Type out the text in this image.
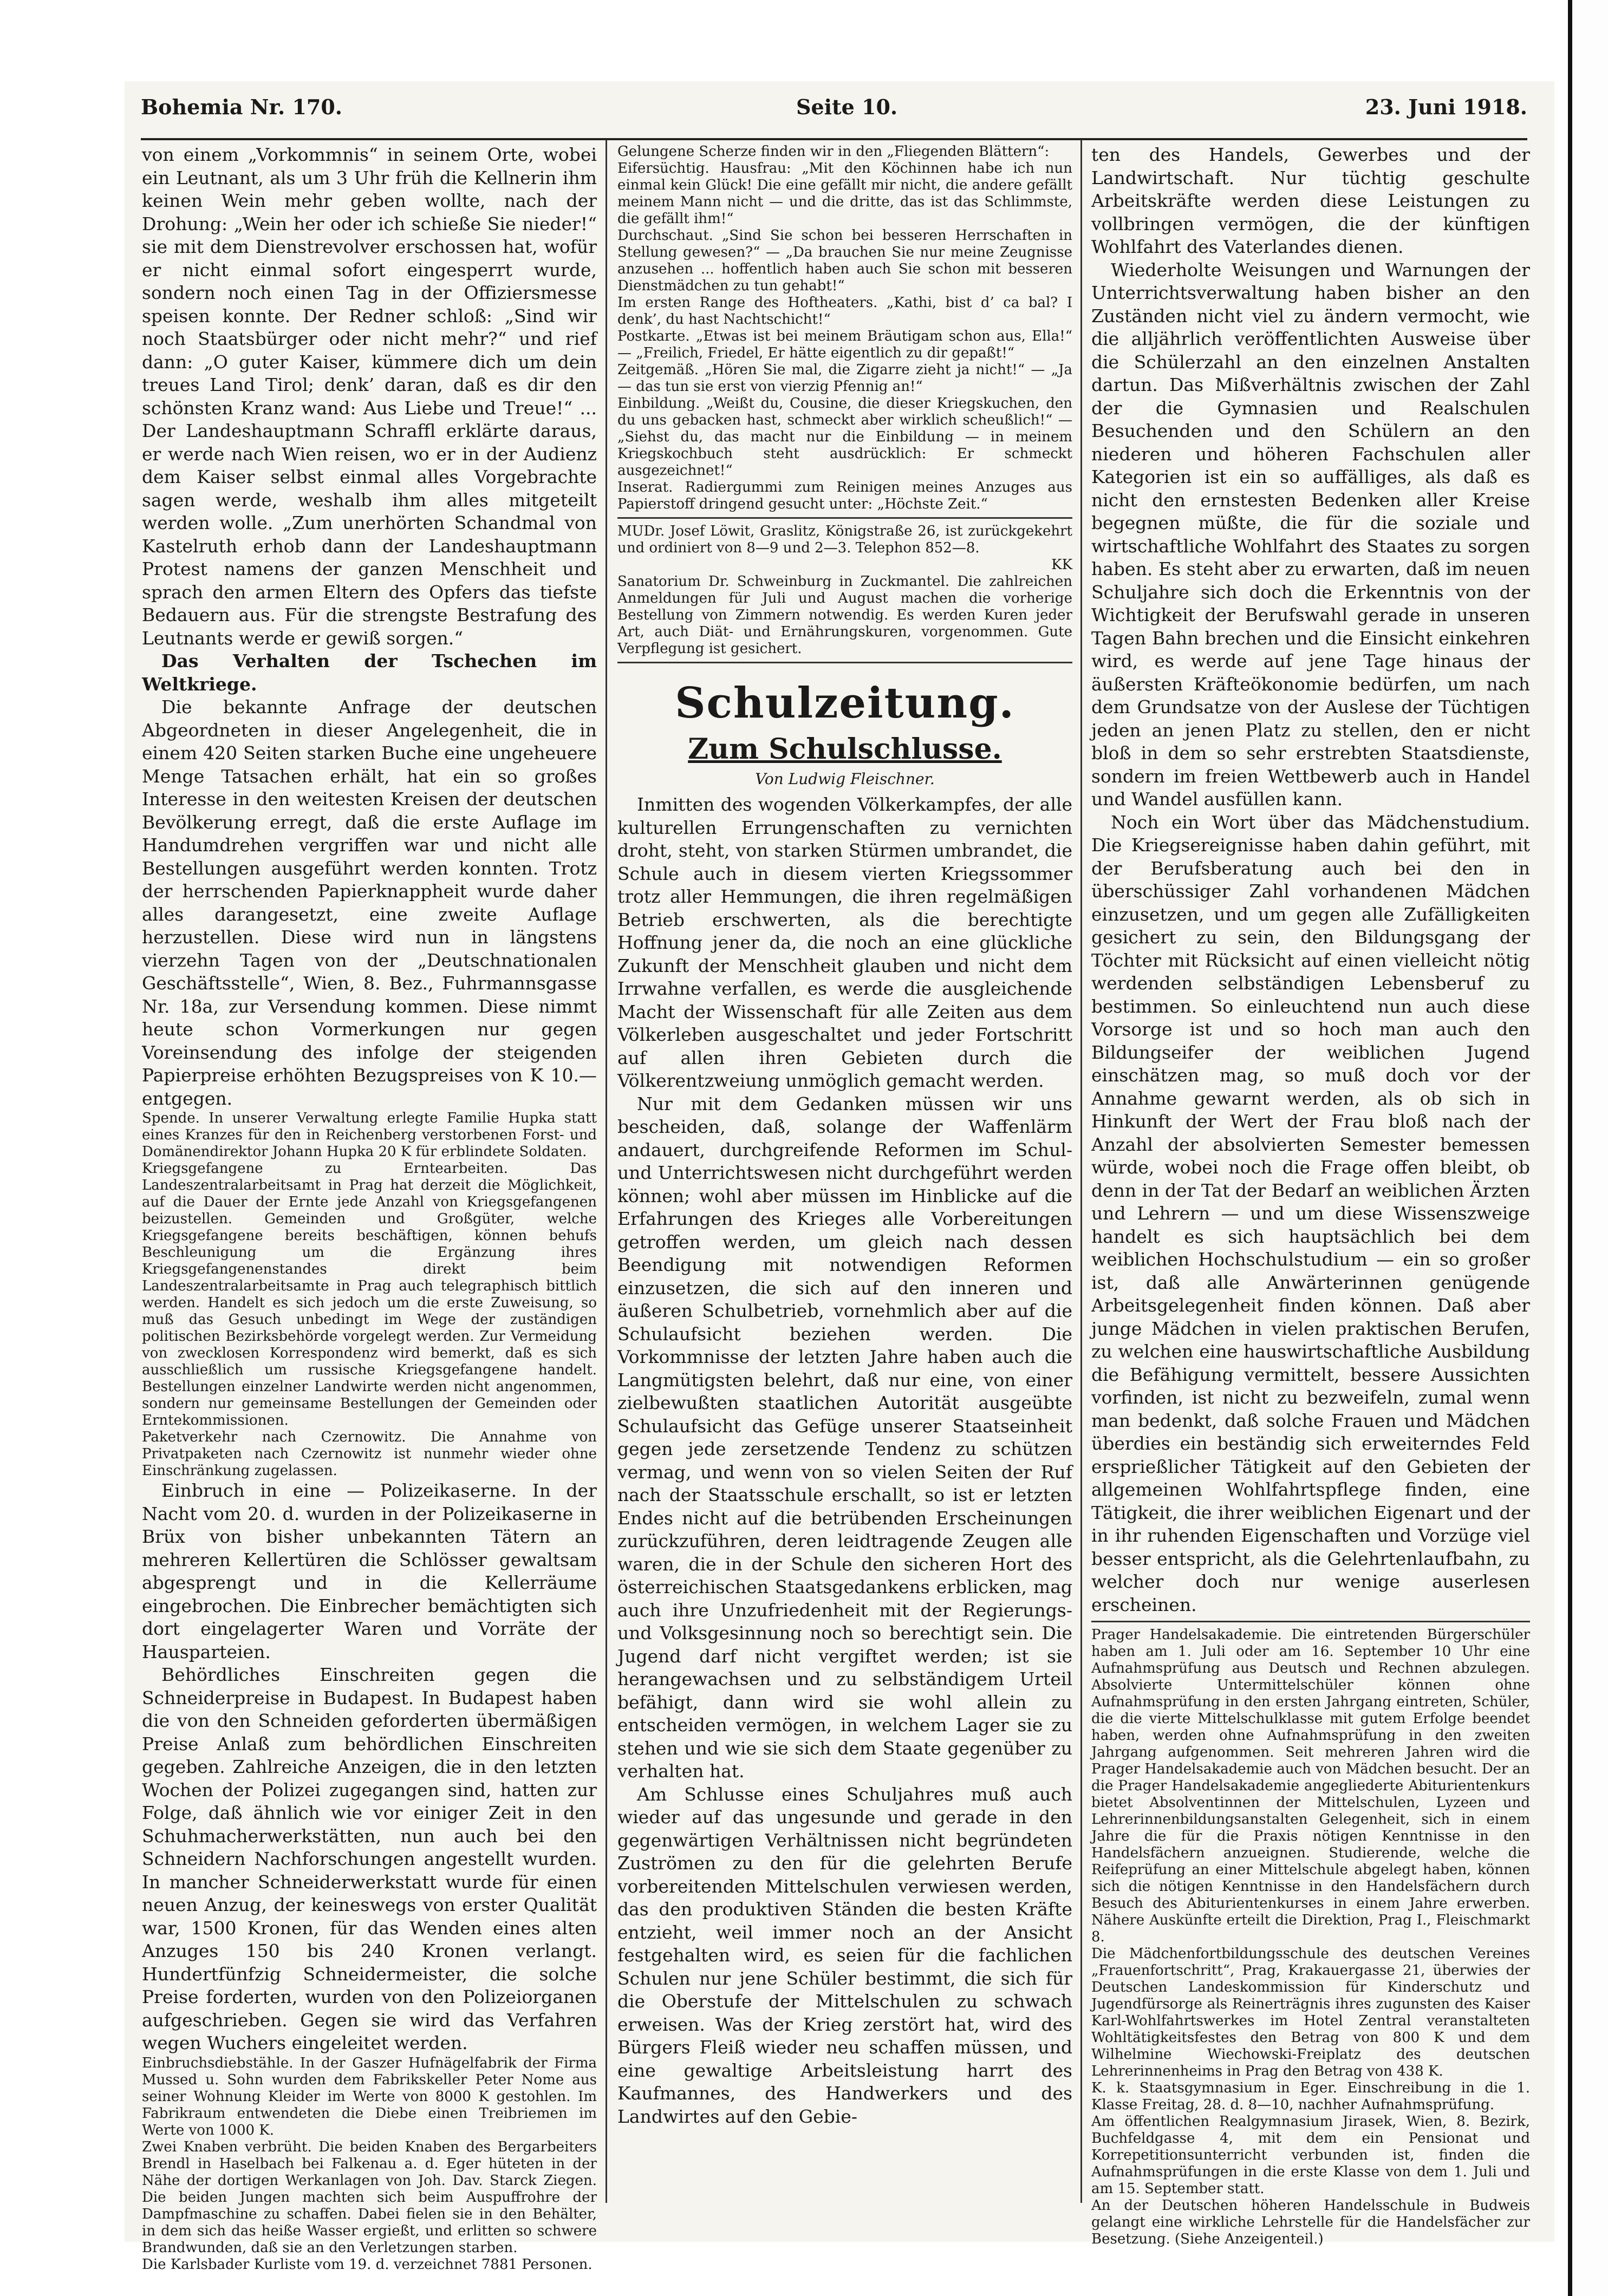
Bohemia Nr. 170.	Seite 10.	23. Juni 1918.

von einem „Vorkommnis“ in seinem Orte, wobei ein Leutnant, als um 3 Uhr früh die Kellnerin ihm keinen Wein mehr geben wollte, nach der Drohung: „Wein her oder ich schieße Sie nieder!“ sie mit dem Dienstrevolver erschossen hat, wofür er nicht einmal sofort eingesperrt wurde, sondern noch einen Tag in der Offiziersmesse speisen konnte. Der Redner schloß: „Sind wir noch Staatsbürger oder nicht mehr?“ und rief dann: „O guter Kaiser, kümmere dich um dein treues Land Tirol; denk’ daran, daß es dir den schönsten Kranz wand: Aus Liebe und Treue!“ ... Der Landeshauptmann Schraffl erklärte daraus, er werde nach Wien reisen, wo er in der Audienz dem Kaiser selbst einmal alles Vorgebrachte sagen werde, weshalb ihm alles mitgeteilt werden wolle. „Zum unerhörten Schandmal von Kastelruth erhob dann der Landeshauptmann Protest namens der ganzen Menschheit und sprach den armen Eltern des Opfers das tiefste Bedauern aus. Für die strengste Bestrafung des Leutnants werde er gewiß sorgen.“

Das Verhalten der Tschechen im Weltkriege.

Die bekannte Anfrage der deutschen Abgeordneten in dieser Angelegenheit, die in einem 420 Seiten starken Buche eine ungeheuere Menge Tatsachen erhält, hat ein so großes Interesse in den weitesten Kreisen der deutschen Bevölkerung erregt, daß die erste Auflage im Handumdrehen vergriffen war und nicht alle Bestellungen ausgeführt werden konnten. Trotz der herrschenden Papierknappheit wurde daher alles darangesetzt, eine zweite Auflage herzustellen. Diese wird nun in längstens vierzehn Tagen von der „Deutschnationalen Geschäftsstelle“, Wien, 8. Bez., Fuhrmannsgasse Nr. 18a, zur Versendung kommen. Diese nimmt heute schon Vormerkungen nur gegen Voreinsendung des infolge der steigenden Papierpreise erhöhten Bezugspreises von K 10.— entgegen.

Spende. In unserer Verwaltung erlegte Familie Hupka statt eines Kranzes für den in Reichenberg verstorbenen Forst- und Domänendirektor Johann Hupka 20 K für erblindete Soldaten.

Kriegsgefangene zu Erntearbeiten. Das Landeszentralarbeitsamt in Prag hat derzeit die Möglichkeit, auf die Dauer der Ernte jede Anzahl von Kriegsgefangenen beizustellen. Gemeinden und Großgüter, welche Kriegsgefangene bereits beschäftigen, können behufs Beschleunigung um die Ergänzung ihres Kriegsgefangenenstandes direkt beim Landeszentralarbeitsamte in Prag auch telegraphisch bittlich werden. Handelt es sich jedoch um die erste Zuweisung, so muß das Gesuch unbedingt im Wege der zuständigen politischen Bezirksbehörde vorgelegt werden. Zur Vermeidung von zwecklosen Korrespondenz wird bemerkt, daß es sich ausschließlich um russische Kriegsgefangene handelt. Bestellungen einzelner Landwirte werden nicht angenommen, sondern nur gemeinsame Bestellungen der Gemeinden oder Erntekommissionen.

Paketverkehr nach Czernowitz. Die Annahme von Privatpaketen nach Czernowitz ist nunmehr wieder ohne Einschränkung zugelassen.

Einbruch in eine — Polizeikaserne. In der Nacht vom 20. d. wurden in der Polizeikaserne in Brüx von bisher unbekannten Tätern an mehreren Kellertüren die Schlösser gewaltsam abgesprengt und in die Kellerräume eingebrochen. Die Einbrecher bemächtigten sich dort eingelagerter Waren und Vorräte der Hausparteien.

Behördliches Einschreiten gegen die Schneiderpreise in Budapest. In Budapest haben die von den Schneiden geforderten übermäßigen Preise Anlaß zum behördlichen Einschreiten gegeben. Zahlreiche Anzeigen, die in den letzten Wochen der Polizei zugegangen sind, hatten zur Folge, daß ähnlich wie vor einiger Zeit in den Schuhmacherwerkstätten, nun auch bei den Schneidern Nachforschungen angestellt wurden. In mancher Schneiderwerkstatt wurde für einen neuen Anzug, der keineswegs von erster Qualität war, 1500 Kronen, für das Wenden eines alten Anzuges 150 bis 240 Kronen verlangt. Hundertfünfzig Schneidermeister, die solche Preise forderten, wurden von den Polizeiorganen aufgeschrieben. Gegen sie wird das Verfahren wegen Wuchers eingeleitet werden.

Einbruchsdiebstähle. In der Gaszer Hufnägelfabrik der Firma Mussed u. Sohn wurden dem Fabrikskeller Peter Nome aus seiner Wohnung Kleider im Werte von 8000 K gestohlen. Im Fabrikraum entwendeten die Diebe einen Treibriemen im Werte von 1000 K.

Zwei Knaben verbrüht. Die beiden Knaben des Bergarbeiters Brendl in Haselbach bei Falkenau a. d. Eger hüteten in der Nähe der dortigen Werkanlagen von Joh. Dav. Starck Ziegen. Die beiden Jungen machten sich beim Auspuffrohre der Dampfmaschine zu schaffen. Dabei fielen sie in den Behälter, in dem sich das heiße Wasser ergießt, und erlitten so schwere Brandwunden, daß sie an den Verletzungen starben.

Die Karlsbader Kurliste vom 19. d. verzeichnet 7881 Personen.

Gelungene Scherze finden wir in den „Fliegenden Blättern“:

Eifersüchtig. Hausfrau: „Mit den Köchinnen habe ich nun einmal kein Glück! Die eine gefällt mir nicht, die andere gefällt meinem Mann nicht — und die dritte, das ist das Schlimmste, die gefällt ihm!“

Durchschaut. „Sind Sie schon bei besseren Herrschaften in Stellung gewesen?“ — „Da brauchen Sie nur meine Zeugnisse anzusehen ... hoffentlich haben auch Sie schon mit besseren Dienstmädchen zu tun gehabt!“

Im ersten Range des Hoftheaters. „Kathi, bist d’ ca bal? I denk’, du hast Nachtschicht!“

Postkarte. „Etwas ist bei meinem Bräutigam schon aus, Ella!“ — „Freilich, Friedel, Er hätte eigentlich zu dir gepaßt!“

Zeitgemäß. „Hören Sie mal, die Zigarre zieht ja nicht!“ — „Ja — das tun sie erst von vierzig Pfennig an!“

Einbildung. „Weißt du, Cousine, die dieser Kriegskuchen, den du uns gebacken hast, schmeckt aber wirklich scheußlich!“ — „Siehst du, das macht nur die Einbildung — in meinem Kriegskochbuch steht ausdrücklich: Er schmeckt ausgezeichnet!“

Inserat. Radiergummi zum Reinigen meines Anzuges aus Papierstoff dringend gesucht unter: „Höchste Zeit.“

MUDr. Josef Löwit, Graslitz, Königstraße 26, ist zurückgekehrt und ordiniert von 8—9 und 2—3. Telephon 852—8.

KK

Sanatorium Dr. Schweinburg in Zuckmantel. Die zahlreichen Anmeldungen für Juli und August machen die vorherige Bestellung von Zimmern notwendig. Es werden Kuren jeder Art, auch Diät- und Ernährungskuren, vorgenommen. Gute Verpflegung ist gesichert.

Schulzeitung.
Zum Schulschlusse.
Von Ludwig Fleischner.

Inmitten des wogenden Völkerkampfes, der alle kulturellen Errungenschaften zu vernichten droht, steht, von starken Stürmen umbrandet, die Schule auch in diesem vierten Kriegssommer trotz aller Hemmungen, die ihren regelmäßigen Betrieb erschwerten, als die berechtigte Hoffnung jener da, die noch an eine glückliche Zukunft der Menschheit glauben und nicht dem Irrwahne verfallen, es werde die ausgleichende Macht der Wissenschaft für alle Zeiten aus dem Völkerleben ausgeschaltet und jeder Fortschritt auf allen ihren Gebieten durch die Völkerentzweiung unmöglich gemacht werden.

Nur mit dem Gedanken müssen wir uns bescheiden, daß, solange der Waffenlärm andauert, durchgreifende Reformen im Schul- und Unterrichtswesen nicht durchgeführt werden können; wohl aber müssen im Hinblicke auf die Erfahrungen des Krieges alle Vorbereitungen getroffen werden, um gleich nach dessen Beendigung mit notwendigen Reformen einzusetzen, die sich auf den inneren und äußeren Schulbetrieb, vornehmlich aber auf die Schulaufsicht beziehen werden. Die Vorkommnisse der letzten Jahre haben auch die Langmütigsten belehrt, daß nur eine, von einer zielbewußten staatlichen Autorität ausgeübte Schulaufsicht das Gefüge unserer Staatseinheit gegen jede zersetzende Tendenz zu schützen vermag, und wenn von so vielen Seiten der Ruf nach der Staatsschule erschallt, so ist er letzten Endes nicht auf die betrübenden Erscheinungen zurückzuführen, deren leidtragende Zeugen alle waren, die in der Schule den sicheren Hort des österreichischen Staatsgedankens erblicken, mag auch ihre Unzufriedenheit mit der Regierungs- und Volksgesinnung noch so berechtigt sein. Die Jugend darf nicht vergiftet werden; ist sie herangewachsen und zu selbständigem Urteil befähigt, dann wird sie wohl allein zu entscheiden vermögen, in welchem Lager sie zu stehen und wie sie sich dem Staate gegenüber zu verhalten hat.

Am Schlusse eines Schuljahres muß auch wieder auf das ungesunde und gerade in den gegenwärtigen Verhältnissen nicht begründeten Zuströmen zu den für die gelehrten Berufe vorbereitenden Mittelschulen verwiesen werden, das den produktiven Ständen die besten Kräfte entzieht, weil immer noch an der Ansicht festgehalten wird, es seien für die fachlichen Schulen nur jene Schüler bestimmt, die sich für die Oberstufe der Mittelschulen zu schwach erweisen. Was der Krieg zerstört hat, wird des Bürgers Fleiß wieder neu schaffen müssen, und eine gewaltige Arbeitsleistung harrt des Kaufmannes, des Handwerkers und des Landwirtes auf den Gebie-

ten des Handels, Gewerbes und der Landwirtschaft. Nur tüchtig geschulte Arbeitskräfte werden diese Leistungen zu vollbringen vermögen, die der künftigen Wohlfahrt des Vaterlandes dienen.

Wiederholte Weisungen und Warnungen der Unterrichtsverwaltung haben bisher an den Zuständen nicht viel zu ändern vermocht, wie die alljährlich veröffentlichten Ausweise über die Schülerzahl an den einzelnen Anstalten dartun. Das Mißverhältnis zwischen der Zahl der die Gymnasien und Realschulen Besuchenden und den Schülern an den niederen und höheren Fachschulen aller Kategorien ist ein so auffälliges, als daß es nicht den ernstesten Bedenken aller Kreise begegnen müßte, die für die soziale und wirtschaftliche Wohlfahrt des Staates zu sorgen haben. Es steht aber zu erwarten, daß im neuen Schuljahre sich doch die Erkenntnis von der Wichtigkeit der Berufswahl gerade in unseren Tagen Bahn brechen und die Einsicht einkehren wird, es werde auf jene Tage hinaus der äußersten Kräfteökonomie bedürfen, um nach dem Grundsatze von der Auslese der Tüchtigen jeden an jenen Platz zu stellen, den er nicht bloß in dem so sehr erstrebten Staatsdienste, sondern im freien Wettbewerb auch in Handel und Wandel ausfüllen kann.

Noch ein Wort über das Mädchenstudium. Die Kriegsereignisse haben dahin geführt, mit der Berufsberatung auch bei den in überschüssiger Zahl vorhandenen Mädchen einzusetzen, und um gegen alle Zufälligkeiten gesichert zu sein, den Bildungsgang der Töchter mit Rücksicht auf einen vielleicht nötig werdenden selbständigen Lebensberuf zu bestimmen. So einleuchtend nun auch diese Vorsorge ist und so hoch man auch den Bildungseifer der weiblichen Jugend einschätzen mag, so muß doch vor der Annahme gewarnt werden, als ob sich in Hinkunft der Wert der Frau bloß nach der Anzahl der absolvierten Semester bemessen würde, wobei noch die Frage offen bleibt, ob denn in der Tat der Bedarf an weiblichen Ärzten und Lehrern — und um diese Wissenszweige handelt es sich hauptsächlich bei dem weiblichen Hochschulstudium — ein so großer ist, daß alle Anwärterinnen genügende Arbeitsgelegenheit finden können. Daß aber junge Mädchen in vielen praktischen Berufen, zu welchen eine hauswirtschaftliche Ausbildung die Befähigung vermittelt, bessere Aussichten vorfinden, ist nicht zu bezweifeln, zumal wenn man bedenkt, daß solche Frauen und Mädchen überdies ein beständig sich erweiterndes Feld ersprießlicher Tätigkeit auf den Gebieten der allgemeinen Wohlfahrtspflege finden, eine Tätigkeit, die ihrer weiblichen Eigenart und der in ihr ruhenden Eigenschaften und Vorzüge viel besser entspricht, als die Gelehrtenlaufbahn, zu welcher doch nur wenige auserlesen erscheinen.

Prager Handelsakademie. Die eintretenden Bürgerschüler haben am 1. Juli oder am 16. September 10 Uhr eine Aufnahmsprüfung aus Deutsch und Rechnen abzulegen. Absolvierte Untermittelschüler können ohne Aufnahmsprüfung in den ersten Jahrgang eintreten, Schüler, die die vierte Mittelschulklasse mit gutem Erfolge beendet haben, werden ohne Aufnahmsprüfung in den zweiten Jahrgang aufgenommen. Seit mehreren Jahren wird die Prager Handelsakademie auch von Mädchen besucht. Der an die Prager Handelsakademie angegliederte Abiturientenkurs bietet Absolventinnen der Mittelschulen, Lyzeen und Lehrerinnenbildungsanstalten Gelegenheit, sich in einem Jahre die für die Praxis nötigen Kenntnisse in den Handelsfächern anzueignen. Studierende, welche die Reifeprüfung an einer Mittelschule abgelegt haben, können sich die nötigen Kenntnisse in den Handelsfächern durch Besuch des Abiturientenkurses in einem Jahre erwerben. Nähere Auskünfte erteilt die Direktion, Prag I., Fleischmarkt 8.

Die Mädchenfortbildungsschule des deutschen Vereines „Frauenfortschritt“, Prag, Krakauergasse 21, überwies der Deutschen Landeskommission für Kinderschutz und Jugendfürsorge als Reinerträgnis ihres zugunsten des Kaiser Karl-Wohlfahrtswerkes im Hotel Zentral veranstalteten Wohltätigkeitsfestes den Betrag von 800 K und dem Wilhelmine Wiechowski-Freiplatz des deutschen Lehrerinnenheims in Prag den Betrag von 438 K.

K. k. Staatsgymnasium in Eger. Einschreibung in die 1. Klasse Freitag, 28. d. 8—10, nachher Aufnahmsprüfung.

Am öffentlichen Realgymnasium Jirasek, Wien, 8. Bezirk, Buchfeldgasse 4, mit dem ein Pensionat und Korrepetitionsunterricht verbunden ist, finden die Aufnahmsprüfungen in die erste Klasse von dem 1. Juli und am 15. September statt.

An der Deutschen höheren Handelsschule in Budweis gelangt eine wirkliche Lehrstelle für die Handelsfächer zur Besetzung. (Siehe Anzeigenteil.)
